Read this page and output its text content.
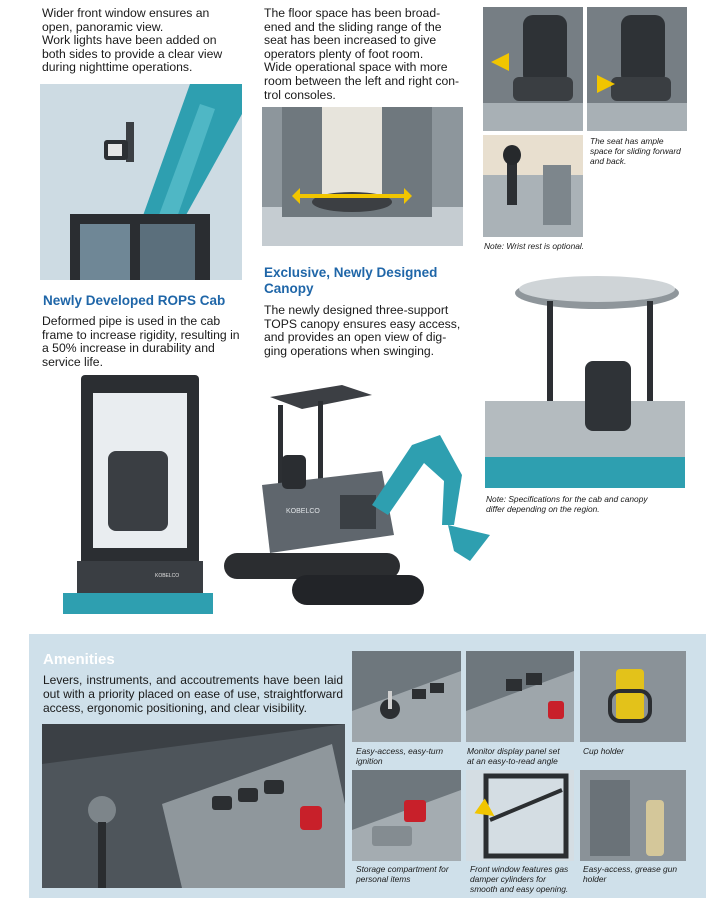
Wider front window ensures an
open, panoramic view.
Work lights have been added on
both sides to provide a clear view
during nighttime operations.
Newly Developed ROPS Cab
Deformed pipe is used in the cab
frame to increase rigidity, resulting in
a 50% increase in durability and
service life.
KOBELCO
The floor space has been broad-
ened and the sliding range of the
seat has been increased to give
operators plenty of foot room.
Wide operational space with more
room between the left and right con-
trol consoles.
Exclusive, Newly Designed
Canopy
The newly designed three-support
TOPS canopy ensures easy access,
and provides an open view of dig-
ging operations when swinging.
KOBELCO
The seat has ample
space for sliding forward
and back.
Note: Wrist rest is optional.
Note: Specifications for the cab and canopy
differ depending on the region.
Amenities
Levers, instruments, and accoutrements have been laid out with a priority placed on ease of use, straightforward access, ergonomic positioning, and clear visibility.
Easy-access, easy-turn
ignition
Monitor display panel set
at an easy-to-read angle
Cup holder
Storage compartment for
personal items
Front window features gas
damper cylinders for
smooth and easy opening.
Easy-access, grease gun
holder
